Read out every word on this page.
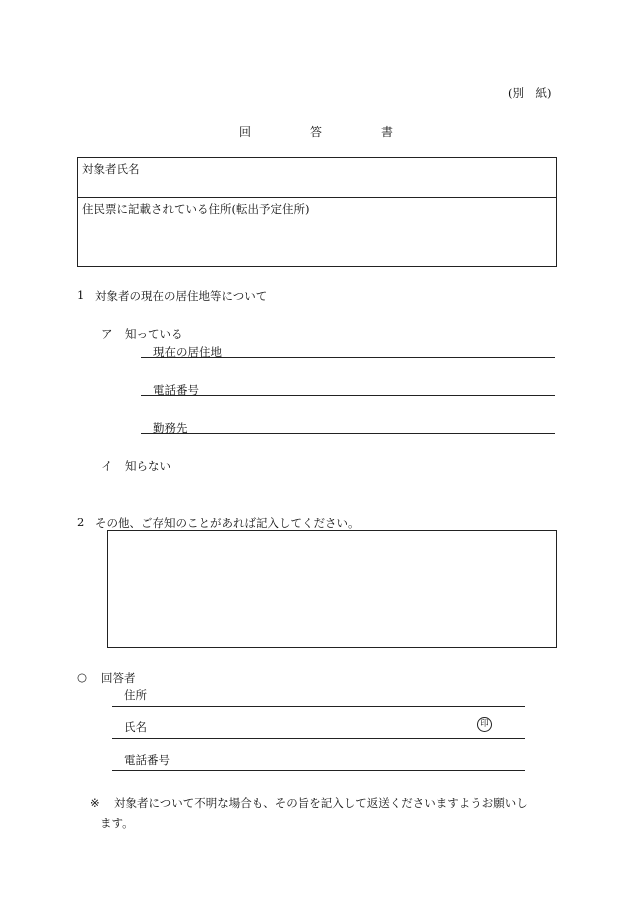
(別　紙)
回	答	書
対象者氏名
住民票に記載されている住所(転出予定住所)
1 対象者の現在の居住地等について
ア 知っている
現在の居住地
電話番号
勤務先
イ 知らない
2 その他、ご存知のことがあれば記入してください。
○ 回答者
住所
氏名	印
電話番号
※ 対象者について不明な場合も、その旨を記入して返送くださいますようお願いし
ます。
